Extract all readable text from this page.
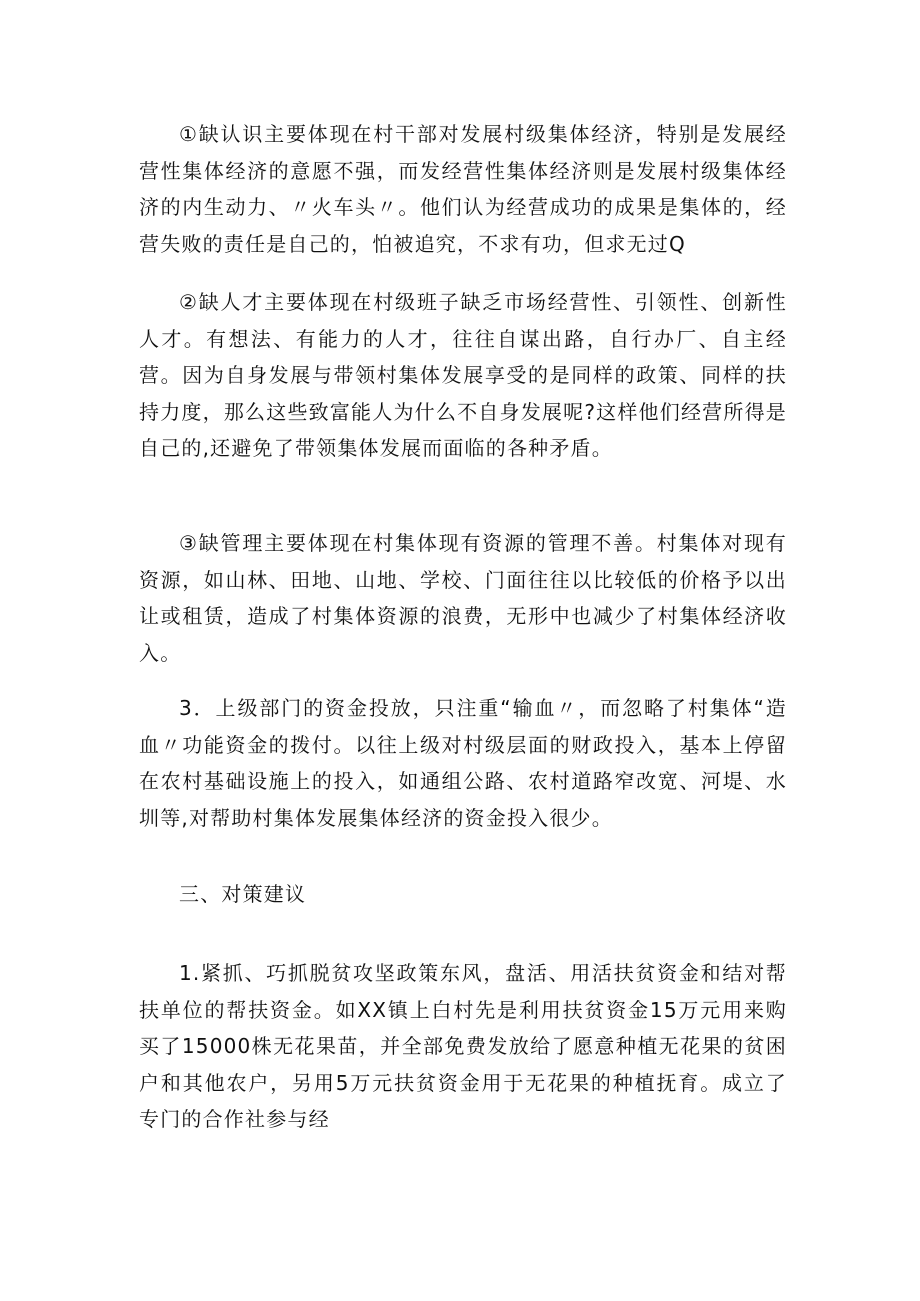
①缺认识主要体现在村干部对发展村级集体经济，特别是发展经营性集体经济的意愿不强，而发经营性集体经济则是发展村级集体经济的内生动力、〃火车头〃。他们认为经营成功的成果是集体的，经营失败的责任是自己的，怕被追究，不求有功，但求无过Q

②缺人才主要体现在村级班子缺乏市场经营性、引领性、创新性人才。有想法、有能力的人才，往往自谋出路，自行办厂、自主经营。因为自身发展与带领村集体发展享受的是同样的政策、同样的扶持力度，那么这些致富能人为什么不自身发展呢?这样他们经营所得是自己的,还避免了带领集体发展而面临的各种矛盾。

③缺管理主要体现在村集体现有资源的管理不善。村集体对现有资源，如山林、田地、山地、学校、门面往往以比较低的价格予以出让或租赁，造成了村集体资源的浪费，无形中也减少了村集体经济收入。

3．上级部门的资金投放，只注重“输血〃，而忽略了村集体“造血〃功能资金的拨付。以往上级对村级层面的财政投入，基本上停留在农村基础设施上的投入，如通组公路、农村道路窄改宽、河堤、水圳等,对帮助村集体发展集体经济的资金投入很少。

三、对策建议

1.紧抓、巧抓脱贫攻坚政策东风，盘活、用活扶贫资金和结对帮扶单位的帮扶资金。如XX镇上白村先是利用扶贫资金15万元用来购买了15000株无花果苗，并全部免费发放给了愿意种植无花果的贫困户和其他农户，另用5万元扶贫资金用于无花果的种植抚育。成立了专门的合作社参与经
